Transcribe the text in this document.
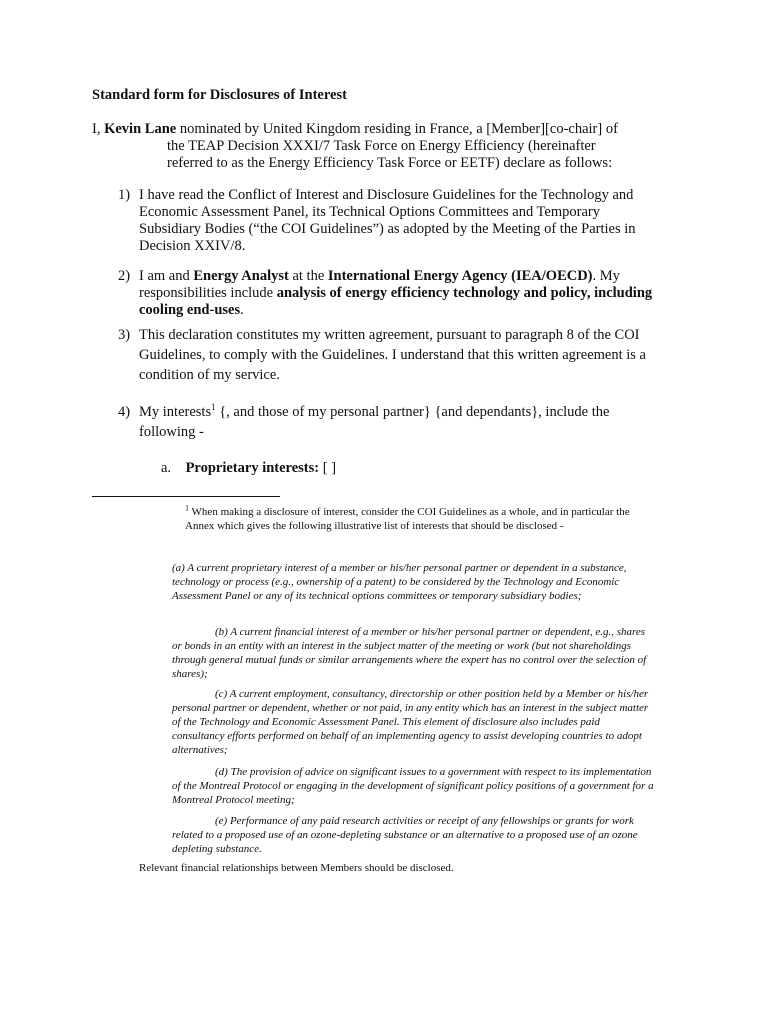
Standard form for Disclosures of Interest
I, Kevin Lane nominated by United Kingdom residing in France, a [Member][co-chair] of
the TEAP Decision XXXI/7 Task Force on Energy Efficiency (hereinafter
referred to as the Energy Efficiency Task Force or EETF) declare as follows:
1) I have read the Conflict of Interest and Disclosure Guidelines for the Technology and Economic Assessment Panel, its Technical Options Committees and Temporary Subsidiary Bodies (“the COI Guidelines”) as adopted by the Meeting of the Parties in Decision XXIV/8.
2) I am and Energy Analyst at the International Energy Agency (IEA/OECD). My responsibilities include analysis of energy efficiency technology and policy, including cooling end-uses.
3) This declaration constitutes my written agreement, pursuant to paragraph 8 of the COI Guidelines, to comply with the Guidelines. I understand that this written agreement is a condition of my service.
4) My interests$^1$ {, and those of my personal partner} {and dependants}, include the following -
a. Proprietary interests: [ ]
$^1$ When making a disclosure of interest, consider the COI Guidelines as a whole, and in particular the Annex which gives the following illustrative list of interests that should be disclosed -
(a) A current proprietary interest of a member or his/her personal partner or dependent in a substance, technology or process (e.g., ownership of a patent) to be considered by the Technology and Economic Assessment Panel or any of its technical options committees or temporary subsidiary bodies;
(b) A current financial interest of a member or his/her personal partner or dependent, e.g., shares or bonds in an entity with an interest in the subject matter of the meeting or work (but not shareholdings through general mutual funds or similar arrangements where the expert has no control over the selection of shares);
(c) A current employment, consultancy, directorship or other position held by a Member or his/her personal partner or dependent, whether or not paid, in any entity which has an interest in the subject matter of the Technology and Economic Assessment Panel. This element of disclosure also includes paid consultancy efforts performed on behalf of an implementing agency to assist developing countries to adopt alternatives;
(d) The provision of advice on significant issues to a government with respect to its implementation of the Montreal Protocol or engaging in the development of significant policy positions of a government for a Montreal Protocol meeting;
(e) Performance of any paid research activities or receipt of any fellowships or grants for work related to a proposed use of an ozone-depleting substance or an alternative to a proposed use of an ozone depleting substance.
Relevant financial relationships between Members should be disclosed.
